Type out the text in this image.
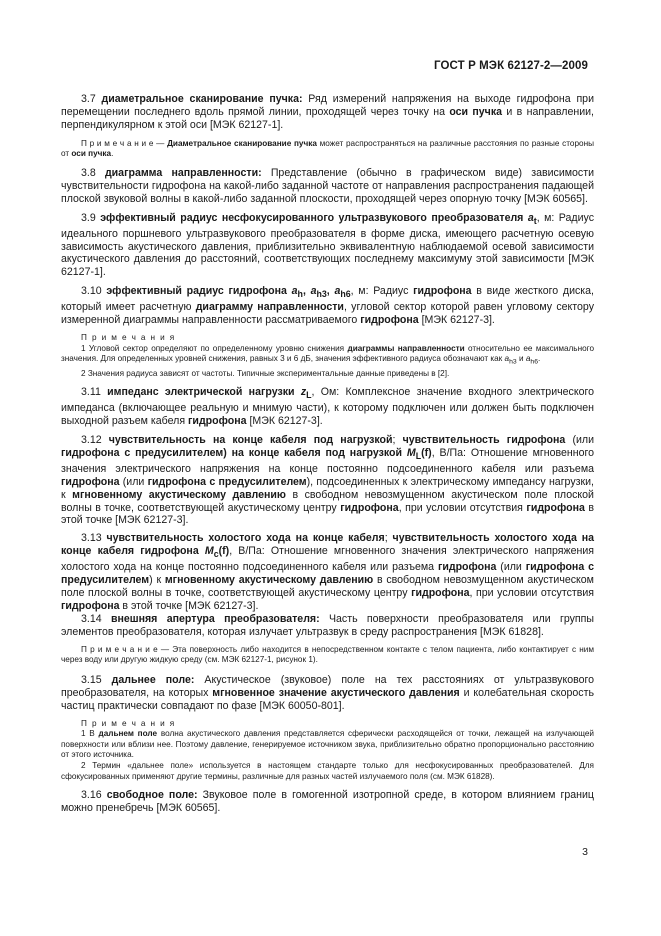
ГОСТ Р МЭК 62127-2—2009

3.7 диаметральное сканирование пучка: Ряд измерений напряжения на выходе гидрофона при перемещении последнего вдоль прямой линии, проходящей через точку на оси пучка и в направлении, перпендикулярном к этой оси [МЭК 62127-1].

П р и м е ч а н и е — Диаметральное сканирование пучка может распространяться на различные расстояния по разные стороны от оси пучка.

3.8 диаграмма направленности: Представление (обычно в графическом виде) зависимости чувствительности гидрофона на какой-либо заданной частоте от направления распространения падающей плоской звуковой волны в какой-либо заданной плоскости, проходящей через опорную точку [МЭК 60565].

3.9 эффективный радиус несфокусированного ультразвукового преобразователя $a_t$, м: Радиус идеального поршневого ультразвукового преобразователя в форме диска, имеющего расчетную осевую зависимость акустического давления, приблизительно эквивалентную наблюдаемой осевой зависимости акустического давления до расстояний, соответствующих последнему максимуму этой зависимости [МЭК 62127-1].

3.10 эффективный радиус гидрофона $a_h$, $a_{h3}$, $a_{h6}$, м: Радиус гидрофона в виде жесткого диска, который имеет расчетную диаграмму направленности, угловой сектор которой равен угловому сектору измеренной диаграммы направленности рассматриваемого гидрофона [МЭК 62127-3].

П р и м е ч а н и я

1 Угловой сектор определяют по определенному уровню снижения диаграммы направленности относительно ее максимального значения. Для определенных уровней снижения, равных 3 и 6 дБ, значения эффективного радиуса обозначают как $a_{h3}$ и $a_{h6}$.

2 Значения радиуса зависят от частоты. Типичные экспериментальные данные приведены в [2].

3.11 импеданс электрической нагрузки $z_L$, Ом: Комплексное значение входного электрического импеданса (включающее реальную и мнимую части), к которому подключен или должен быть подключен выходной разъем кабеля гидрофона [МЭК 62127-3].

3.12 чувствительность на конце кабеля под нагрузкой; чувствительность гидрофона (или гидрофона с предусилителем) на конце кабеля под нагрузкой $M_L(f)$, В/Па: Отношение мгновенного значения электрического напряжения на конце постоянно подсоединенного кабеля или разъема гидрофона (или гидрофона с предусилителем), подсоединенных к электрическому импедансу нагрузки, к мгновенному акустическому давлению в свободном невозмущенном акустическом поле плоской волны в точке, соответствующей акустическому центру гидрофона, при условии отсутствия гидрофона в этой точке [МЭК 62127-3].

3.13 чувствительность холостого хода на конце кабеля; чувствительность холостого хода на конце кабеля гидрофона $M_c(f)$, В/Па: Отношение мгновенного значения электрического напряжения холостого хода на конце постоянно подсоединенного кабеля или разъема гидрофона (или гидрофона с предусилителем) к мгновенному акустическому давлению в свободном невозмущенном акустическом поле плоской волны в точке, соответствующей акустическому центру гидрофона, при условии отсутствия гидрофона в этой точке [МЭК 62127-3].

3.14 внешняя апертура преобразователя: Часть поверхности преобразователя или группы элементов преобразователя, которая излучает ультразвук в среду распространения [МЭК 61828].

П р и м е ч а н и е — Эта поверхность либо находится в непосредственном контакте с телом пациента, либо контактирует с ним через воду или другую жидкую среду (см. МЭК 62127-1, рисунок 1).

3.15 дальнее поле: Акустическое (звуковое) поле на тех расстояниях от ультразвукового преобразователя, на которых мгновенное значение акустического давления и колебательная скорость частиц практически совпадают по фазе [МЭК 60050-801].

П р и м е ч а н и я

1 В дальнем поле волна акустического давления представляется сферически расходящейся от точки, лежащей на излучающей поверхности или вблизи нее. Поэтому давление, генерируемое источником звука, приблизительно обратно пропорционально расстоянию от этого источника.

2 Термин «дальнее поле» используется в настоящем стандарте только для несфокусированных преобразователей. Для сфокусированных применяют другие термины, различные для разных частей излучаемого поля (см. МЭК 61828).

3.16 свободное поле: Звуковое поле в гомогенной изотропной среде, в котором влиянием границ можно пренебречь [МЭК 60565].

3
